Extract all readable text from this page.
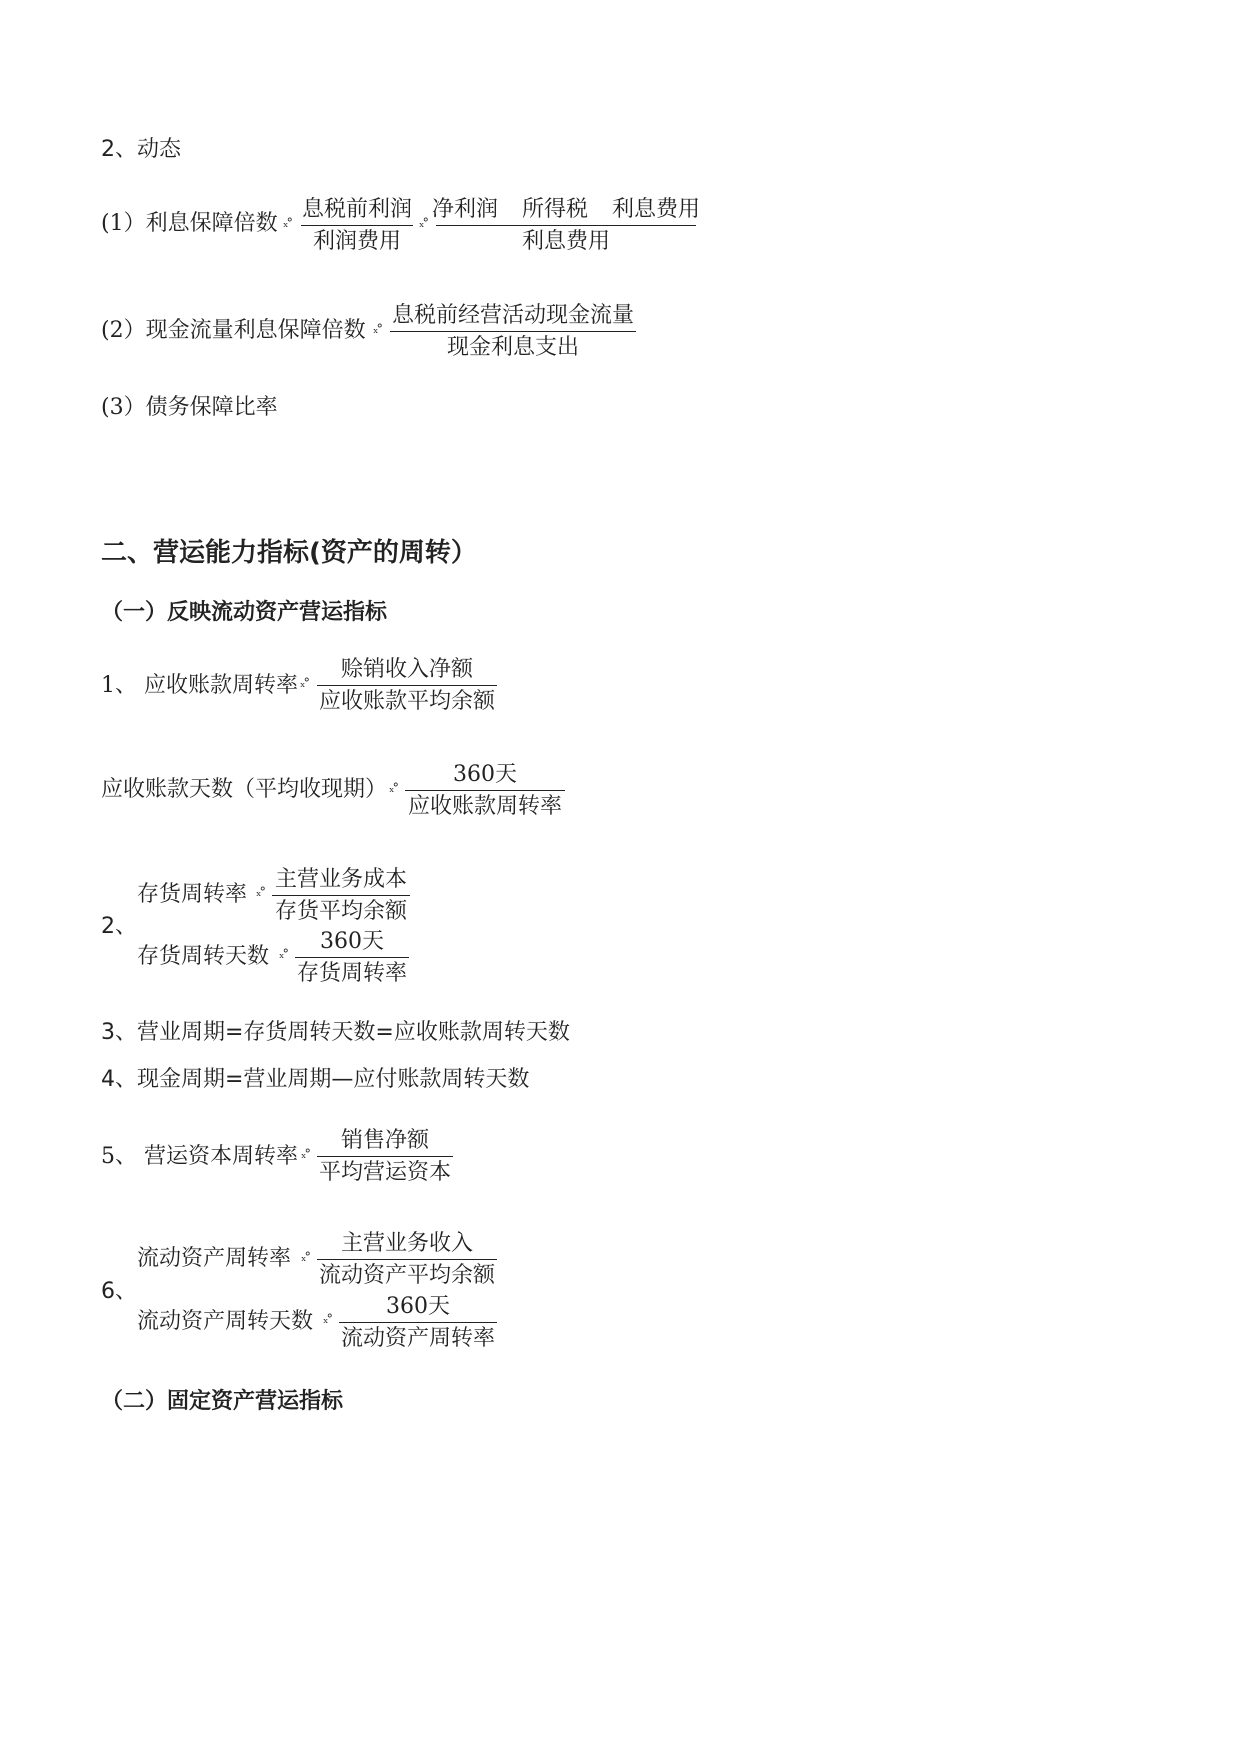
2、动态
(1）利息保障倍数 ₓ°
息税前利润
利润费用
ₓ°
净利润 所得税 利息费用
利息费用
(2）现金流量利息保障倍数 ₓ°
息税前经营活动现金流量
现金利息支出
(3）债务保障比率
二、营运能力指标(资产的周转）
（一）反映流动资产营运指标
1、 应收账款周转率 ₓ°
赊销收入净额
应收账款平均余额
应收账款天数（平均收现期） ₓ°
360天
应收账款周转率
2、
存货周转率 ₓ°
主营业务成本
存货平均余额
存货周转天数 ₓ°
360天
存货周转率
3、营业周期=存货周转天数=应收账款周转天数
4、现金周期=营业周期—应付账款周转天数
5、 营运资本周转率 ₓ°
销售净额
平均营运资本
6、
流动资产周转率 ₓ°
主营业务收入
流动资产平均余额
流动资产周转天数 ₓ°
360天
流动资产周转率
（二）固定资产营运指标
